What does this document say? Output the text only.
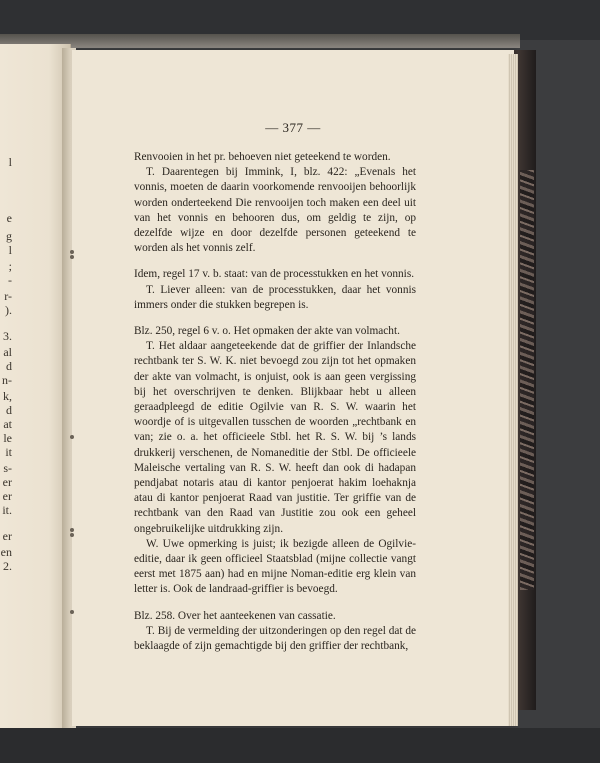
l
e
g
l
;
-
r-
).
3.
al
d
n-
k,
d
at
le
it
s-
er
er
it.
er
en
2.
— 377 —

Renvooien in het pr. behoeven niet geteekend te worden.

T. Daarentegen bij Immink, I, blz. 422: „Evenals het vonnis, moeten de daarin voorkomende renvooijen behoorlijk worden onderteekend Die renvooijen toch maken een deel uit van het vonnis en behooren dus, om geldig te zijn, op dezelfde wijze en door dezelfde personen geteekend te worden als het vonnis zelf.

Idem, regel 17 v. b. staat: van de processtukken en het vonnis.

T. Liever alleen: van de processtukken, daar het vonnis immers onder die stukken begrepen is.

Blz. 250, regel 6 v. o. Het opmaken der akte van volmacht.

T. Het aldaar aangeteekende dat de griffier der Inlandsche rechtbank ter S. W. K. niet bevoegd zou zijn tot het opmaken der akte van volmacht, is onjuist, ook is aan geen vergissing bij het overschrijven te denken. Blijkbaar hebt u alleen geraadpleegd de editie Ogilvie van R. S. W. waarin het woordje of is uitgevallen tusschen de woorden „rechtbank en van; zie o. a. het officieele Stbl. het R. S. W. bij ’s lands drukkerij verschenen, de Nomaneditie der Stbl. De officieele Maleische vertaling van R. S. W. heeft dan ook di hadapan pendjabat notaris atau di kantor penjoerat hakim loehaknja atau di kantor penjoerat Raad van justitie. Ter griffie van de rechtbank van den Raad van Justitie zou ook een geheel ongebruikelijke uitdrukking zijn.

W. Uwe opmerking is juist; ik bezigde alleen de Ogilvie-editie, daar ik geen officieel Staatsblad (mijne collectie vangt eerst met 1875 aan) had en mijne Noman-editie erg klein van letter is. Ook de landraad-griffier is bevoegd.

Blz. 258. Over het aanteekenen van cassatie.

T. Bij de vermelding der uitzonderingen op den regel dat de beklaagde of zijn gemachtigde bij den griffier der rechtbank,
